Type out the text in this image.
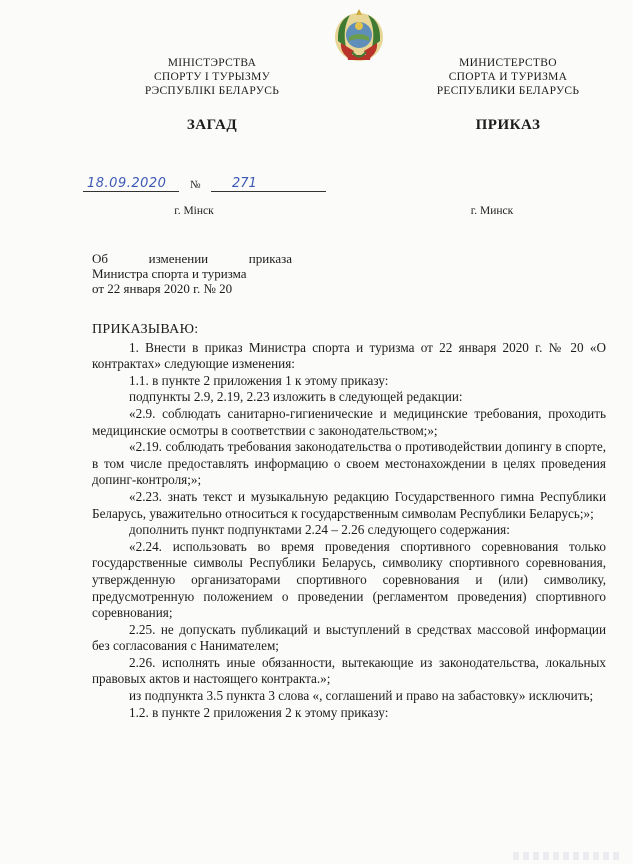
МІНІСТЭРСТВА
СПОРТУ І ТУРЫЗМУ
РЭСПУБЛІКІ БЕЛАРУСЬ
МИНИСТЕРСТВО
СПОРТА И ТУРИЗМА
РЕСПУБЛИКИ БЕЛАРУСЬ
ЗАГАД	ПРИКАЗ
18.09.2020 № 271
г. Мінск	г. Минск
Об	изменении	приказа
Министра спорта и туризма
от 22 января 2020 г. № 20

ПРИКАЗЫВАЮ:

1. Внести в приказ Министра спорта и туризма от 22 января 2020 г. № 20 «О контрактах» следующие изменения:

1.1. в пункте 2 приложения 1 к этому приказу:

подпункты 2.9, 2.19, 2.23 изложить в следующей редакции:

«2.9. соблюдать санитарно-гигиенические и медицинские требования, проходить медицинские осмотры в соответствии с законодательством;»;

«2.19. соблюдать требования законодательства о противодействии допингу в спорте, в том числе предоставлять информацию о своем местонахождении в целях проведения допинг-контроля;»;

«2.23. знать текст и музыкальную редакцию Государственного гимна Республики Беларусь, уважительно относиться к государственным символам Республики Беларусь;»;

дополнить пункт подпунктами 2.24 – 2.26 следующего содержания:

«2.24. использовать во время проведения спортивного соревнования только государственные символы Республики Беларусь, символику спортивного соревнования, утвержденную организаторами спортивного соревнования и (или) символику, предусмотренную положением о проведении (регламентом проведения) спортивного соревнования;

2.25. не допускать публикаций и выступлений в средствах массовой информации без согласования с Нанимателем;

2.26. исполнять иные обязанности, вытекающие из законодательства, локальных правовых актов и настоящего контракта.»;

из подпункта 3.5 пункта 3 слова «, соглашений и право на забастовку» исключить;

1.2. в пункте 2 приложения 2 к этому приказу:
